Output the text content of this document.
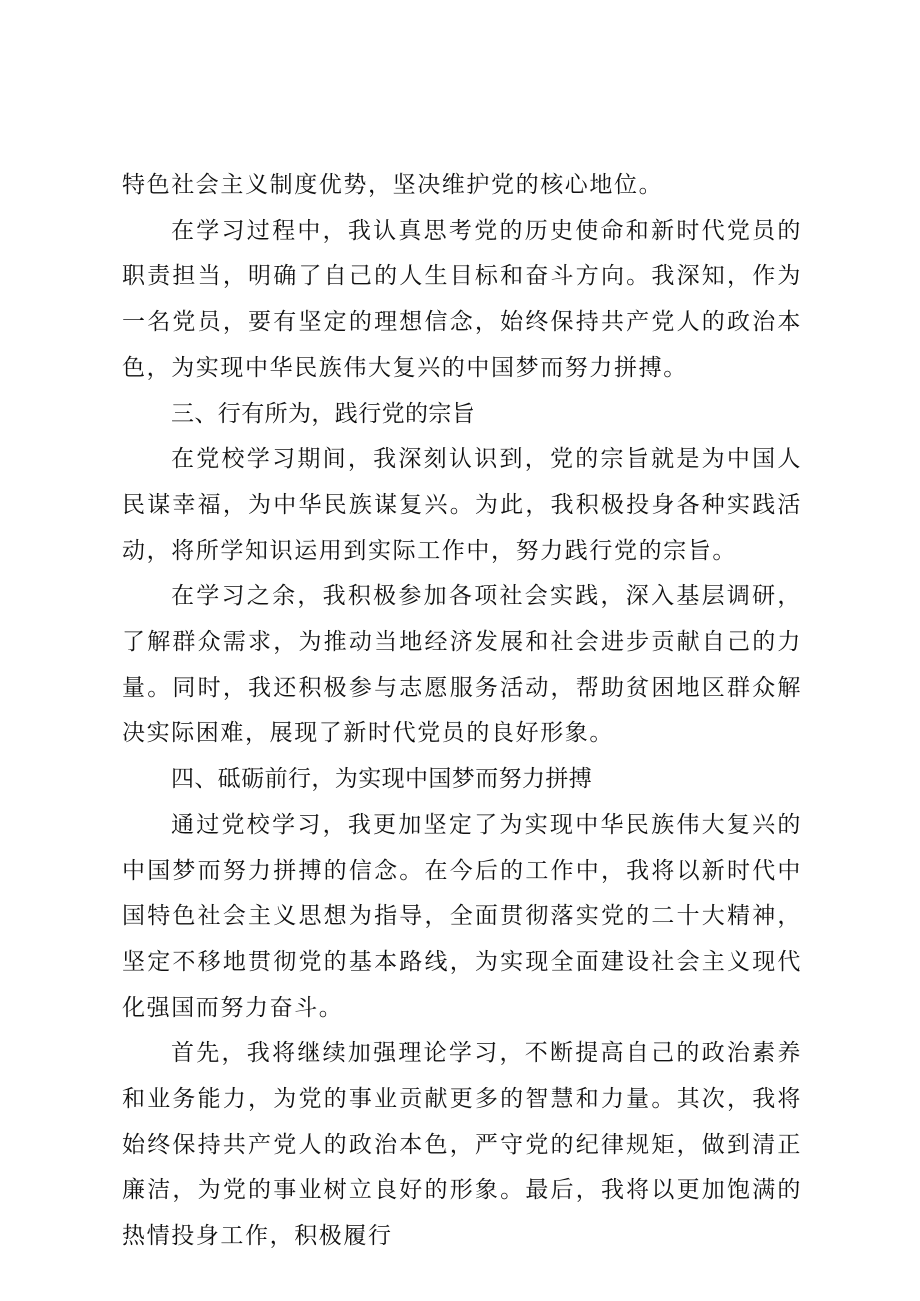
特色社会主义制度优势，坚决维护党的核心地位。

在学习过程中，我认真思考党的历史使命和新时代党员的职责担当，明确了自己的人生目标和奋斗方向。我深知，作为一名党员，要有坚定的理想信念，始终保持共产党人的政治本色，为实现中华民族伟大复兴的中国梦而努力拼搏。

三、行有所为，践行党的宗旨

在党校学习期间，我深刻认识到，党的宗旨就是为中国人民谋幸福，为中华民族谋复兴。为此，我积极投身各种实践活动，将所学知识运用到实际工作中，努力践行党的宗旨。

在学习之余，我积极参加各项社会实践，深入基层调研，了解群众需求，为推动当地经济发展和社会进步贡献自己的力量。同时，我还积极参与志愿服务活动，帮助贫困地区群众解决实际困难，展现了新时代党员的良好形象。

四、砥砺前行，为实现中国梦而努力拼搏

通过党校学习，我更加坚定了为实现中华民族伟大复兴的中国梦而努力拼搏的信念。在今后的工作中，我将以新时代中国特色社会主义思想为指导，全面贯彻落实党的二十大精神，坚定不移地贯彻党的基本路线，为实现全面建设社会主义现代化强国而努力奋斗。

首先，我将继续加强理论学习，不断提高自己的政治素养和业务能力，为党的事业贡献更多的智慧和力量。其次，我将始终保持共产党人的政治本色，严守党的纪律规矩，做到清正廉洁，为党的事业树立良好的形象。最后，我将以更加饱满的热情投身工作，积极履行
